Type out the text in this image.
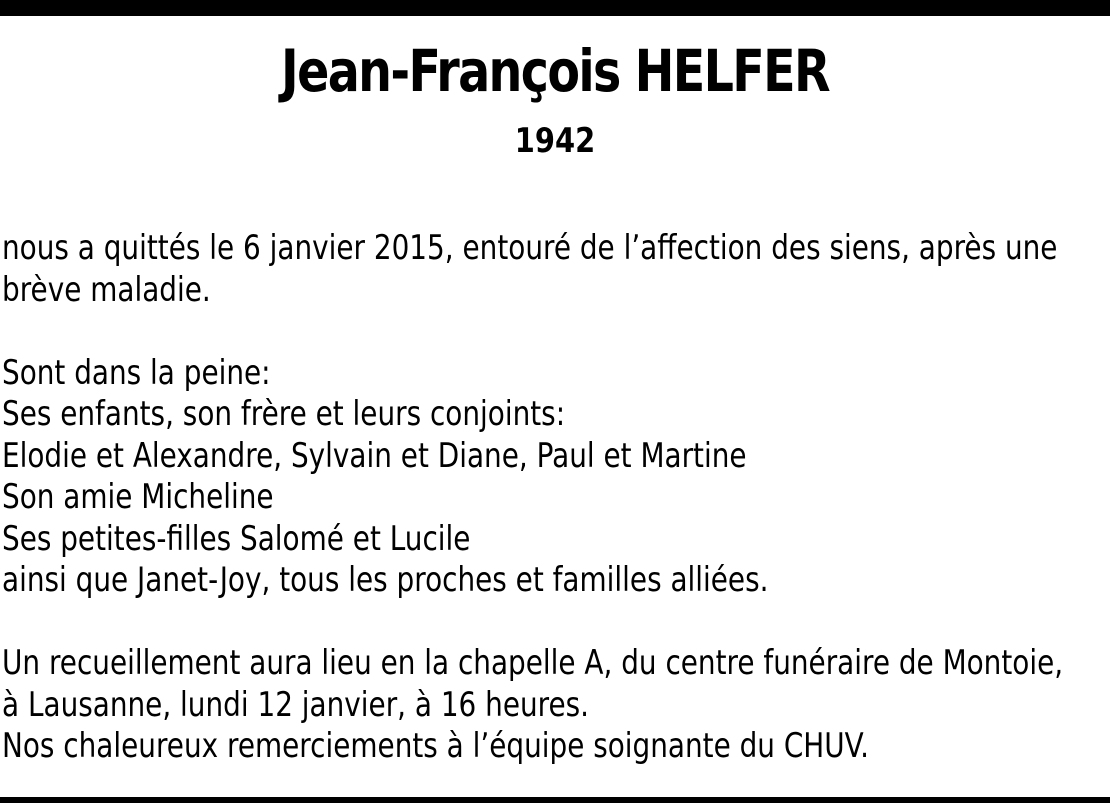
Jean-François HELFER
1942
nous a quittés le 6 janvier 2015, entouré de l’affection des siens, après une
brève maladie.
Sont dans la peine:
Ses enfants, son frère et leurs conjoints:
Elodie et Alexandre, Sylvain et Diane, Paul et Martine
Son amie Micheline
Ses petites-filles Salomé et Lucile
ainsi que Janet-Joy, tous les proches et familles alliées.
Un recueillement aura lieu en la chapelle A, du centre funéraire de Montoie,
à Lausanne, lundi 12 janvier, à 16 heures.
Nos chaleureux remerciements à l’équipe soignante du CHUV.
